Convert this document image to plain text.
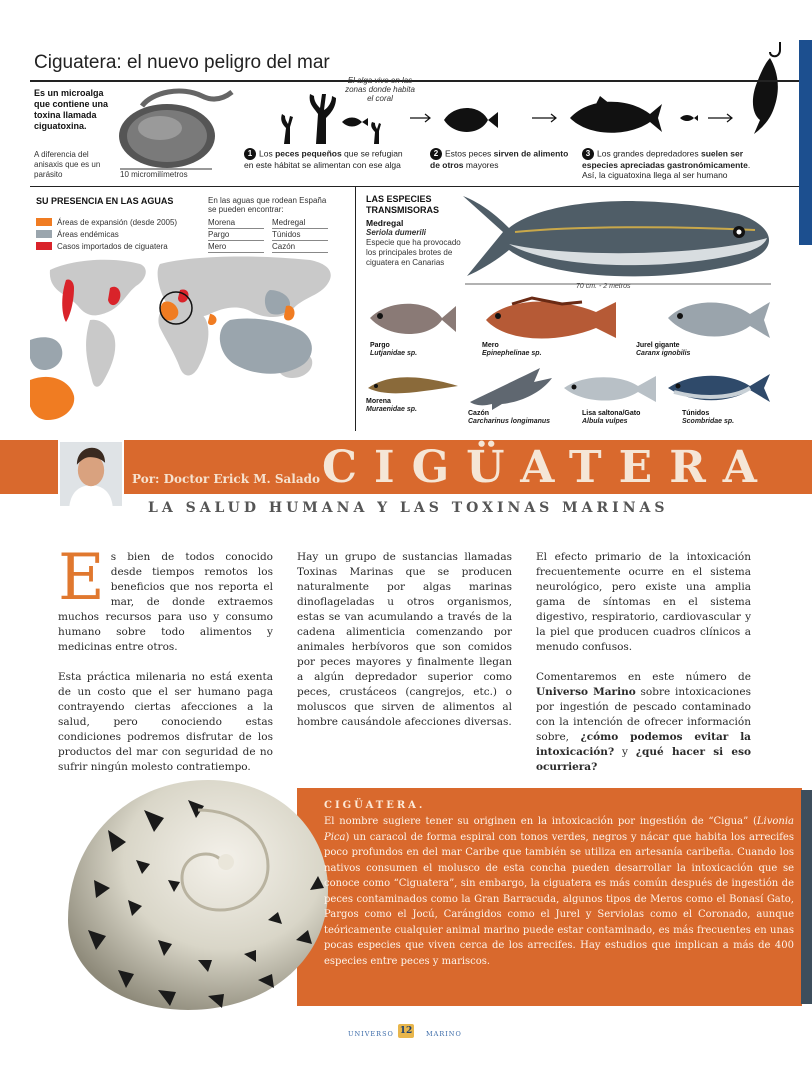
Ciguatera: el nuevo peligro del mar
Es un microalga que contiene una toxina llamada ciguatoxina.
A diferencia del anisaxis que es un parásito	10 micromilímetros
El alga vive en las zonas donde habita el coral
1 Los peces pequeños que se refugian en este hábitat se alimentan con ese alga
2 Estos peces sirven de alimento de otros mayores
3 Los grandes depredadores suelen ser especies apreciadas gastronómicamente. Así, la ciguatoxina llega al ser humano
SU PRESENCIA EN LAS AGUAS
Áreas de expansión (desde 2005)
Áreas endémicas
Casos importados de ciguatera
En las aguas que rodean España se pueden encontrar:
Morena	Medregal
Pargo	Túnidos
Mero	Cazón
LAS ESPECIES TRANSMISORAS
Medregal
Seriola dumerili
Especie que ha provocado los principales brotes de ciguatera en Canarias
70 cm. - 2 metros
Pargo
Lutjanidae sp.
Mero
Epinephelinae sp.
Jurel gigante
Caranx ignobilis
Morena
Muraenidae sp.
Cazón
Carcharinus longimanus
Lisa saltona/Gato
Albula vulpes
Túnidos
Scombridae sp.
Por: Doctor Erick M. Salado CIGÜATERA
LA SALUD HUMANA Y LAS TOXINAS MARINAS

Es bien de todos conocido desde tiempos remotos los beneficios que nos reporta el mar, de donde extraemos muchos recursos para uso y consumo humano sobre todo alimentos y medicinas entre otros.

Esta práctica milenaria no está exenta de un costo que el ser humano paga contrayendo ciertas afecciones a la salud, pero conociendo estas condiciones podremos disfrutar de los productos del mar con seguridad de no sufrir ningún molesto contratiempo.

Hay un grupo de sustancias llamadas Toxinas Marinas que se producen naturalmente por algas marinas dinoflageladas u otros organismos, estas se van acumulando a través de la cadena alimenticia comenzando por animales herbívoros que son comidos por peces mayores y finalmente llegan a algún depredador superior como peces, crustáceos (cangrejos, etc.) o moluscos que sirven de alimentos al hombre causándole afecciones diversas.

El efecto primario de la intoxicación frecuentemente ocurre en el sistema neurológico, pero existe una amplia gama de síntomas en el sistema digestivo, respiratorio, cardiovascular y la piel que producen cuadros clínicos a menudo confusos.

Comentaremos en este número de Universo Marino sobre intoxicaciones por ingestión de pescado contaminado con la intención de ofrecer información sobre, ¿cómo podemos evitar la intoxicación? y ¿qué hacer si eso ocurriera?

CIGÜATERA.
El nombre sugiere tener su originen en la intoxicación por ingestión de “Cigua” (Livonia Pica) un caracol de forma espiral con tonos verdes, negros y nácar que habita los arrecifes poco profundos en del mar Caribe que también se utiliza en artesanía caribeña. Cuando los nativos consumen el molusco de esta concha pueden desarrollar la intoxicación que se conoce como “Ciguatera”, sin embargo, la ciguatera es más común después de ingestión de peces contaminados como la Gran Barracuda, algunos tipos de Meros como el Bonasí Gato, Pargos como el Jocú, Carángidos como el Jurel y Serviolas como el Coronado, aunque teóricamente cualquier animal marino puede estar contaminado, es más frecuentes en unas pocas especies que viven cerca de los arrecifes. Hay estudios que implican a más de 400 especies entre peces y mariscos.
UNIVERSO 12 MARINO
